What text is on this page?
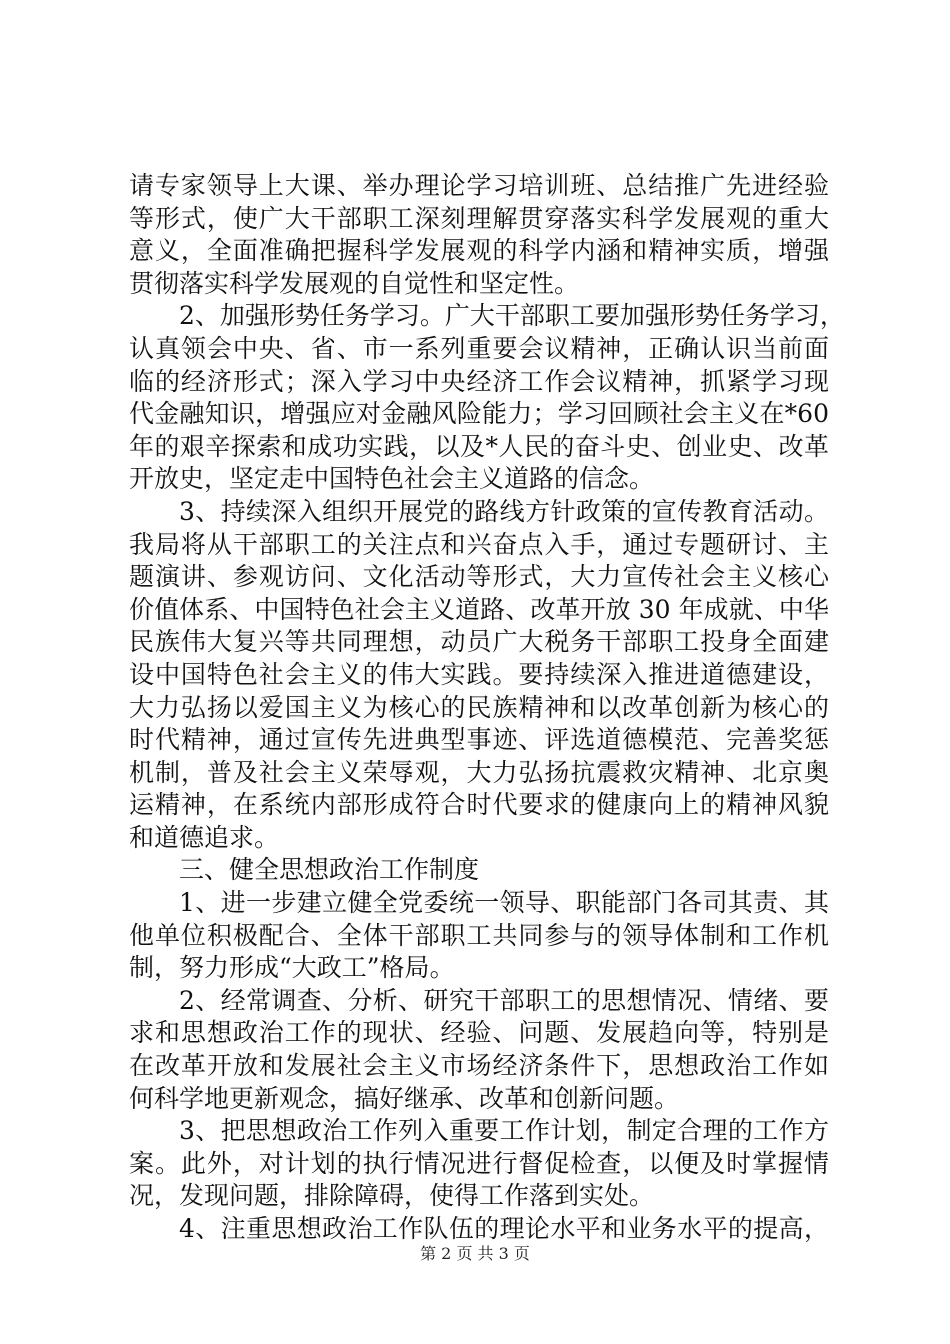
请专家领导上大课、举办理论学习培训班、总结推广先进经验
等形式，使广大干部职工深刻理解贯穿落实科学发展观的重大
意义，全面准确把握科学发展观的科学内涵和精神实质，增强
贯彻落实科学发展观的自觉性和坚定性。
2、加强形势任务学习。广大干部职工要加强形势任务学习，
认真领会中央、省、市一系列重要会议精神，正确认识当前面
临的经济形式；深入学习中央经济工作会议精神，抓紧学习现
代金融知识，增强应对金融风险能力；学习回顾社会主义在*60
年的艰辛探索和成功实践，以及*人民的奋斗史、创业史、改革
开放史，坚定走中国特色社会主义道路的信念。
3、持续深入组织开展党的路线方针政策的宣传教育活动。
我局将从干部职工的关注点和兴奋点入手，通过专题研讨、主
题演讲、参观访问、文化活动等形式，大力宣传社会主义核心
价值体系、中国特色社会主义道路、改革开放 30 年成就、中华
民族伟大复兴等共同理想，动员广大税务干部职工投身全面建
设中国特色社会主义的伟大实践。要持续深入推进道德建设，
大力弘扬以爱国主义为核心的民族精神和以改革创新为核心的
时代精神，通过宣传先进典型事迹、评选道德模范、完善奖惩
机制，普及社会主义荣辱观，大力弘扬抗震救灾精神、北京奥
运精神，在系统内部形成符合时代要求的健康向上的精神风貌
和道德追求。
三、健全思想政治工作制度
1、进一步建立健全党委统一领导、职能部门各司其责、其
他单位积极配合、全体干部职工共同参与的领导体制和工作机
制，努力形成“大政工”格局。
2、经常调查、分析、研究干部职工的思想情况、情绪、要
求和思想政治工作的现状、经验、问题、发展趋向等，特别是
在改革开放和发展社会主义市场经济条件下，思想政治工作如
何科学地更新观念，搞好继承、改革和创新问题。
3、把思想政治工作列入重要工作计划，制定合理的工作方
案。此外，对计划的执行情况进行督促检查，以便及时掌握情
况，发现问题，排除障碍，使得工作落到实处。
4、注重思想政治工作队伍的理论水平和业务水平的提高，
第 2 页 共 3 页
